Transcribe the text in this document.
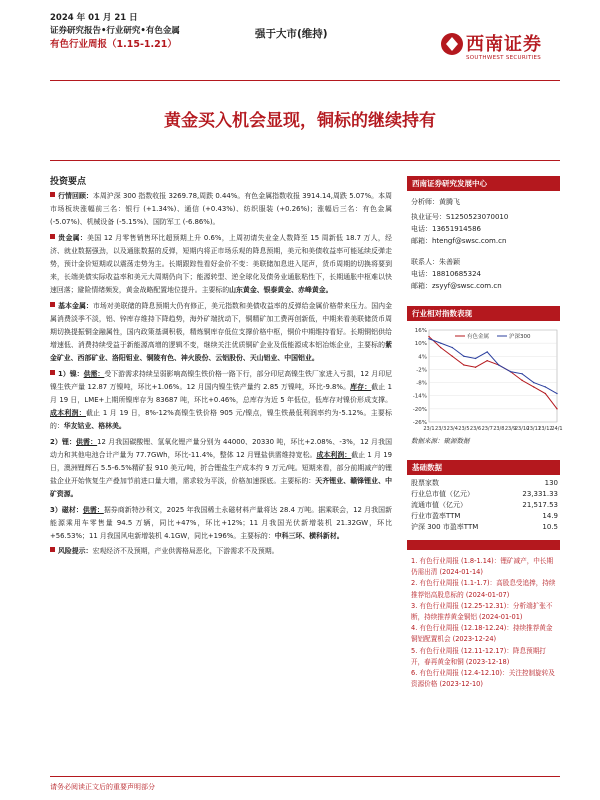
2024 年 01 月 21 日
证券研究报告•行业研究•有色金属
有色行业周报（1.15-1.21）
强于大市(维持)	西南证券
SOUTHWEST SECURITIES
黄金买入机会显现，铜标的继续持有
投资要点

行情回顾：本周沪深 300 指数收报 3269.78,周跌 0.44%。有色金属指数收报 3914.14,周跌 5.07%。本周市场板块涨幅前三名：银行 (+1.34%)、通信 (+0.43%)、纺织服装 (+0.26%)；涨幅后三名：有色金属 (-5.07%)、机械设备 (-5.15%)、国防军工 (-6.86%)。

贵金属：美国 12 月零售销售环比超预期上升 0.6%，上周初请失业金人数降至 15 周新低 18.7 万人，经济、就业数据强劲，以及通胀数据的反弹，短期内将正市场乐观的降息预期，美元和美债收益率可能延续反弹走势，预计金价短期或以震荡走势为主。长期跟踪性看好金价不变：美联储加息进入尾声，货币周期的切换将要到来，长端美债实际收益率和美元大周期仍向下；能源转型、逆全球化及债务业通胀粘性下，长期通胀中枢难以快速回落；避险情绪频发，黄金战略配置地位提升。主要标的山东黄金、银泰黄金、赤峰黄金。

基本金属：市场对美联储的降息预期大仍有修正，美元指数和美债收益率的反弹给金属价格带来压力。国内金属消费淡季不淡，铝、锌库存维持下降趋势，海外矿端扰动下，铜精矿加工费再创新低，中期来看美联储货币周期切换提振铜金融属性，国内政策基调积极，精炼铜库存低位支撑价格中枢，铜价中期维持看好。长期铜铝供给增速低、消费持续受益于新能源高增的逻辑不变，继续关注优质铜矿企业及低能源成本铝冶炼企业，主要标的紫金矿业、西部矿业、洛阳钼业、铜陵有色、神火股份、云铝股份、天山铝业、中国铝业。

1）镍：供需：受下游需求持续呈弱影响高镍生铁价格一路下行，部分印尼高镍生铁厂家进入亏损，12 月印尼镍生铁产量 12.87 万镍吨，环比+1.06%。12 月国内镍生铁产量约 2.85 万镍吨，环比-9.8%。库存：截止 1 月 19 日，LME+上期所镍库存为 83687 吨，环比+0.46%，总库存为近 5 年低位，低库存对镍价形成支撑。成本利润：截止 1 月 19 日，8%-12%高镍生铁价格 905 元/镍点，镍生铁最低利润率约为-5.12%。主要标的：华友钴业、格林美。

2）锂：供需：12 月我国碳酸锂、氢氧化锂产量分别为 44000、20330 吨，环比+2.08%、-3%，12 月我国动力和其他电池合计产量为 77.7GWh，环比-11.4%，整体 12 月锂盐供需维持宽松。成本利润：截止 1 月 19 日，澳洲锂辉石 5.5-6.5%精矿报 910 美元/吨，折合锂盐生产成本约 9 万元/吨。短期来看，部分前期减产的锂盐企业开始恢复生产叠加节前进口量大增，需求较为平淡，价格加速探底。主要标的：天齐锂业、赣锋锂业、中矿资源。

3）磁材：供需：据券商新特沙利文，2025 年我国稀土永磁材料产量将达 28.4 万吨。据乘联会，12 月我国新能源乘用车零售量 94.5 万辆，同比+47%，环比+12%；11 月我国光伏新增装机 21.32GW，环比+56.53%；11 月我国风电新增装机 4.1GW，同比+196%。主要标的：中科三环、横科新材。

风险提示：宏观经济不及预期，产业供需格局恶化，下游需求不及预期。

西南证券研究发展中心
分析师：黄腾飞
执业证号：S1250523070010
电话：13651914586
邮箱：htengf@swsc.com.cn
联系人：朱善颖
电话：18810685324
邮箱：zsyyf@swsc.com.cn
行业相对指数表现
16%
10%
4%
-2%
-8%
-14%
-20%
-26%
23/1 23/3 23/4 23/5 23/6 23/7 23/8 23/9
23/10
23/11
23/12
24/1
有色金属	沪深300
数据来源：聚源数据
基础数据
股票家数	130
行业总市值（亿元）	23,331.33
流通市值（亿元）	21,517.53
行业市盈率TTM	14.9
沪深 300 市盈率TTM	10.5

1. 有色行业周报 (1.8-1.14)：锂矿减产，中长期仍需出清 (2024-01-14)

2. 有色行业周报 (1.1-1.7)：高股息受追捧，持续推荐铝高股息标的 (2024-01-07)

3. 有色行业周报 (12.25-12.31)：分析端扩张不断，持续推荐黄金铜铝 (2024-01-01)

4. 有色行业周报 (12.18-12.24)：持续推荐黄金铜铝配置机会 (2023-12-24)

5. 有色行业周报 (12.11-12.17)：降息预期打开，春再黄金和铜 (2023-12-18)

6. 有色行业周报 (12.4-12.10)：关注控制旋转及资源价格 (2023-12-10)

请务必阅读正文后的重要声明部分
